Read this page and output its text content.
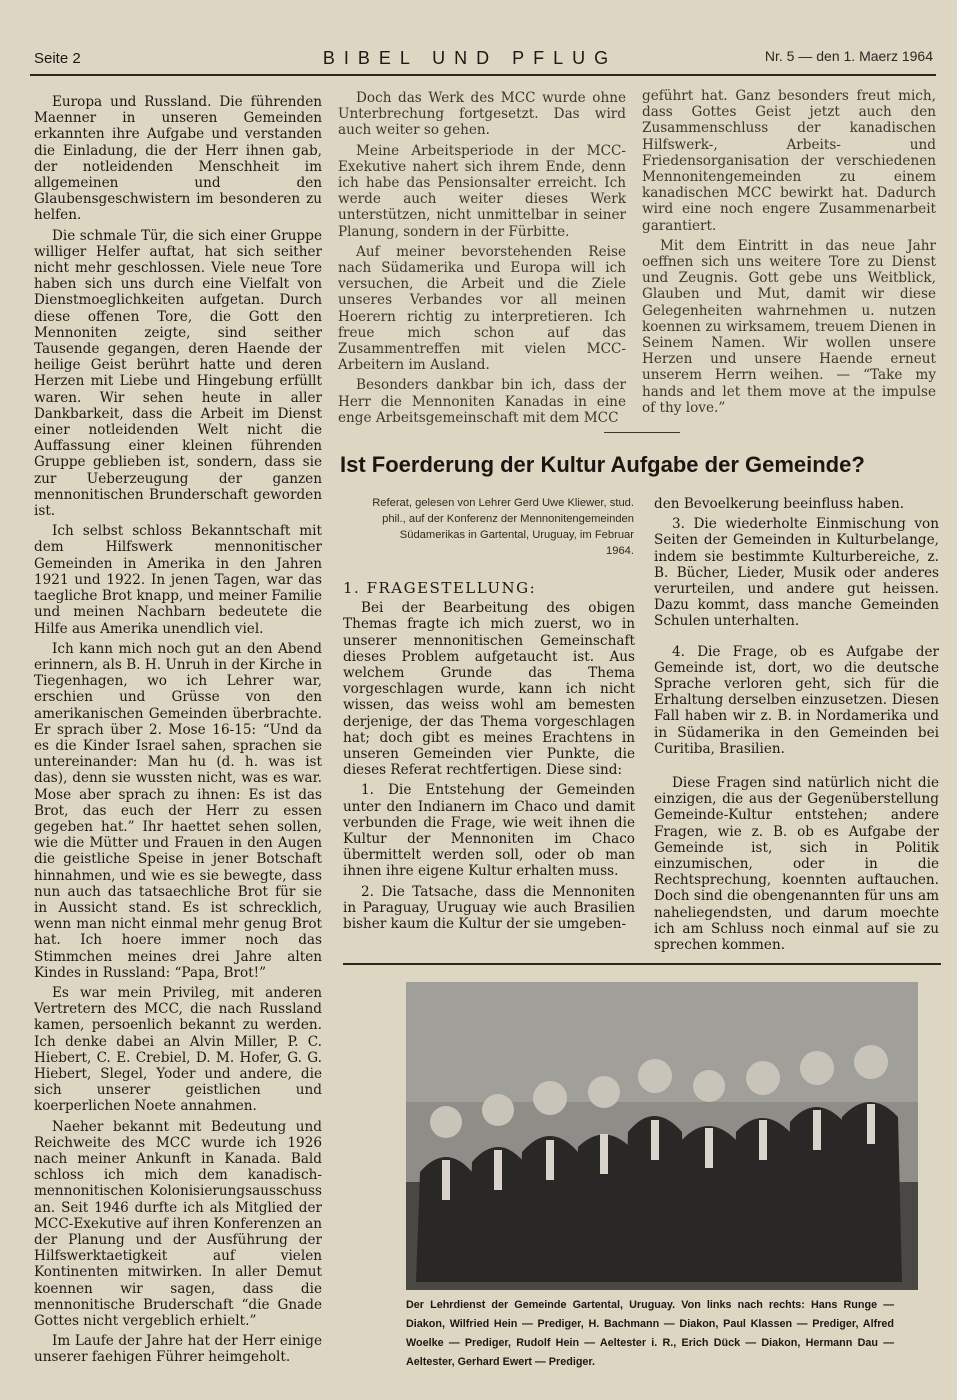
Seite 2	BIBEL UND PFLUG	Nr. 5 — den 1. Maerz 1964

Europa und Russland. Die führenden Maenner in unseren Gemeinden erkannten ihre Aufgabe und verstanden die Einladung, die der Herr ihnen gab, der notleidenden Menschheit im allgemeinen und den Glaubensgeschwistern im besonderen zu helfen.

Die schmale Tür, die sich einer Gruppe williger Helfer auftat, hat sich seither nicht mehr geschlossen. Viele neue Tore haben sich uns durch eine Vielfalt von Dienstmoeglichkeiten aufgetan. Durch diese offenen Tore, die Gott den Mennoniten zeigte, sind seither Tausende gegangen, deren Haende der heilige Geist berührt hatte und deren Herzen mit Liebe und Hingebung erfüllt waren. Wir sehen heute in aller Dankbarkeit, dass die Arbeit im Dienst einer notleidenden Welt nicht die Auffassung einer kleinen führenden Gruppe geblieben ist, sondern, dass sie zur Ueberzeugung der ganzen mennonitischen Brunderschaft geworden ist.

Ich selbst schloss Bekanntschaft mit dem Hilfswerk mennonitischer Gemeinden in Amerika in den Jahren 1921 und 1922. In jenen Tagen, war das taegliche Brot knapp, und meiner Familie und meinen Nachbarn bedeutete die Hilfe aus Amerika unendlich viel.

Ich kann mich noch gut an den Abend erinnern, als B. H. Unruh in der Kirche in Tiegenhagen, wo ich Lehrer war, erschien und Grüsse von den amerikanischen Gemeinden überbrachte. Er sprach über 2. Mose 16-15: “Und da es die Kinder Israel sahen, sprachen sie untereinander: Man hu (d. h. was ist das), denn sie wussten nicht, was es war. Mose aber sprach zu ihnen: Es ist das Brot, das euch der Herr zu essen gegeben hat.” Ihr haettet sehen sollen, wie die Mütter und Frauen in den Augen die geistliche Speise in jener Botschaft hinnahmen, und wie es sie bewegte, dass nun auch das tatsaechliche Brot für sie in Aussicht stand. Es ist schrecklich, wenn man nicht einmal mehr genug Brot hat. Ich hoere immer noch das Stimmchen meines drei Jahre alten Kindes in Russland: “Papa, Brot!”

Es war mein Privileg, mit anderen Vertretern des MCC, die nach Russland kamen, persoenlich bekannt zu werden. Ich denke dabei an Alvin Miller, P. C. Hiebert, C. E. Crebiel, D. M. Hofer, G. G. Hiebert, Slegel, Yoder und andere, die sich unserer geistlichen und koerperlichen Noete annahmen.

Naeher bekannt mit Bedeutung und Reichweite des MCC wurde ich 1926 nach meiner Ankunft in Kanada. Bald schloss ich mich dem kanadisch-mennonitischen Kolonisierungsausschuss an. Seit 1946 durfte ich als Mitglied der MCC-Exekutive auf ihren Konferenzen an der Planung und der Ausführung der Hilfswerktaetigkeit auf vielen Kontinenten mitwirken. In aller Demut koennen wir sagen, dass die mennonitische Bruderschaft “die Gnade Gottes nicht vergeblich erhielt.”

Im Laufe der Jahre hat der Herr einige unserer faehigen Führer heimgeholt.

Doch das Werk des MCC wurde ohne Unterbrechung fortgesetzt. Das wird auch weiter so gehen.

Meine Arbeitsperiode in der MCC-Exekutive nahert sich ihrem Ende, denn ich habe das Pensionsalter erreicht. Ich werde auch weiter dieses Werk unterstützen, nicht unmittelbar in seiner Planung, sondern in der Fürbitte.

Auf meiner bevorstehenden Reise nach Südamerika und Europa will ich versuchen, die Arbeit und die Ziele unseres Verbandes vor all meinen Hoerern richtig zu interpretieren. Ich freue mich schon auf das Zusammentreffen mit vielen MCC-Arbeitern im Ausland.

Besonders dankbar bin ich, dass der Herr die Mennoniten Kanadas in eine enge Arbeitsgemeinschaft mit dem MCC

geführt hat. Ganz besonders freut mich, dass Gottes Geist jetzt auch den Zusammenschluss der kanadischen Hilfswerk-, Arbeits- und Friedensorganisation der verschiedenen Mennonitengemeinden zu einem kanadischen MCC bewirkt hat. Dadurch wird eine noch engere Zusammenarbeit garantiert.

Mit dem Eintritt in das neue Jahr oeffnen sich uns weitere Tore zu Dienst und Zeugnis. Gott gebe uns Weitblick, Glauben und Mut, damit wir diese Gelegenheiten wahrnehmen u. nutzen koennen zu wirksamem, treuem Dienen in Seinem Namen. Wir wollen unsere Herzen und unsere Haende erneut unserem Herrn weihen. — “Take my hands and let them move at the impulse of thy love.”

Ist Foerderung der Kultur Aufgabe der Gemeinde?
Referat, gelesen von Lehrer Gerd Uwe Kliewer, stud. phil., auf der Konferenz der Mennonitengemeinden Südamerikas in Gartental, Uruguay, im Februar 1964.

1. FRAGESTELLUNG:

Bei der Bearbeitung des obigen Themas fragte ich mich zuerst, wo in unserer mennonitischen Gemeinschaft dieses Problem aufgetaucht ist. Aus welchem Grunde das Thema vorgeschlagen wurde, kann ich nicht wissen, das weiss wohl am bemesten derjenige, der das Thema vorgeschlagen hat; doch gibt es meines Erachtens in unseren Gemeinden vier Punkte, die dieses Referat rechtfertigen. Diese sind:

1. Die Entstehung der Gemeinden unter den Indianern im Chaco und damit verbunden die Frage, wie weit ihnen die Kultur der Mennoniten im Chaco übermittelt werden soll, oder ob man ihnen ihre eigene Kultur erhalten muss.

2. Die Tatsache, dass die Mennoniten in Paraguay, Uruguay wie auch Brasilien bisher kaum die Kultur der sie umgeben-

den Bevoelkerung beeinfluss haben.

3. Die wiederholte Einmischung von Seiten der Gemeinden in Kulturbelange, indem sie bestimmte Kulturbereiche, z. B. Bücher, Lieder, Musik oder anderes verurteilen, und andere gut heissen. Dazu kommt, dass manche Gemeinden Schulen unterhalten.

4. Die Frage, ob es Aufgabe der Gemeinde ist, dort, wo die deutsche Sprache verloren geht, sich für die Erhaltung derselben einzusetzen. Diesen Fall haben wir z. B. in Nordamerika und in Südamerika in den Gemeinden bei Curitiba, Brasilien.

Diese Fragen sind natürlich nicht die einzigen, die aus der Gegenüberstellung Gemeinde-Kultur entstehen; andere Fragen, wie z. B. ob es Aufgabe der Gemeinde ist, sich in Politik einzumischen, oder in die Rechtsprechung, koennten auftauchen. Doch sind die obengenannten für uns am naheliegendsten, und darum moechte ich am Schluss noch einmal auf sie zu sprechen kommen.

Der Lehrdienst der Gemeinde Gartental, Uruguay. Von links nach rechts: Hans Runge — Diakon, Wilfried Hein — Prediger, H. Bachmann — Diakon, Paul Klassen — Prediger, Alfred Woelke — Prediger, Rudolf Hein — Aeltester i. R., Erich Dück — Diakon, Hermann Dau — Aeltester, Gerhard Ewert — Prediger.
